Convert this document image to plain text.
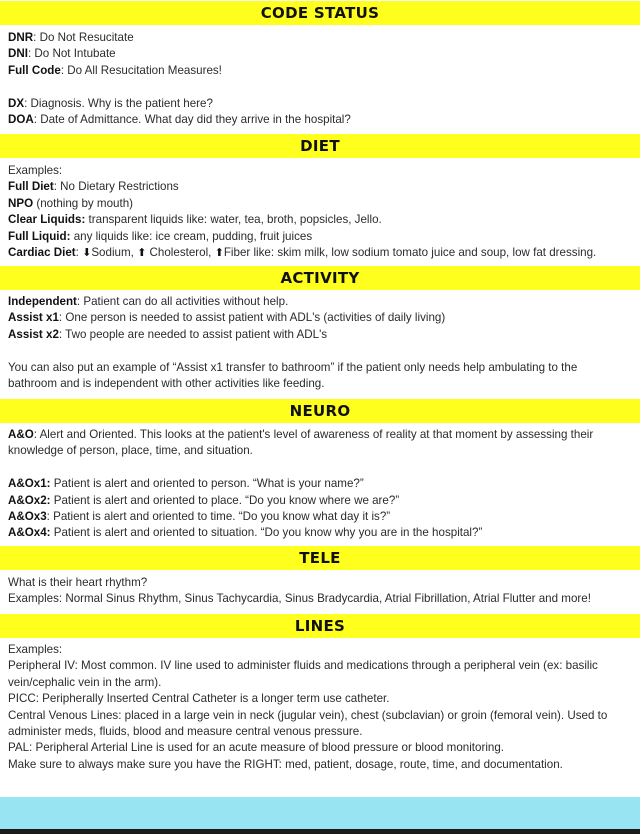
CODE STATUS
DNR: Do Not Resucitate
DNI: Do Not Intubate
Full Code: Do All Resucitation Measures!
DX: Diagnosis. Why is the patient here?
DOA: Date of Admittance. What day did they arrive in the hospital?
DIET
Examples:
Full Diet: No Dietary Restrictions
NPO (nothing by mouth)
Clear Liquids: transparent liquids like: water, tea, broth, popsicles, Jello.
Full Liquid: any liquids like: ice cream, pudding, fruit juices
Cardiac Diet: ⬇Sodium, ⬆ Cholesterol, ⬆Fiber like: skim milk, low sodium tomato juice and soup, low fat dressing.
ACTIVITY
Independent: Patient can do all activities without help.
Assist x1: One person is needed to assist patient with ADL's (activities of daily living)
Assist x2: Two people are needed to assist patient with ADL's
You can also put an example of “Assist x1 transfer to bathroom” if the patient only needs help ambulating to the bathroom and is independent with other activities like feeding.
NEURO
A&O: Alert and Oriented. This looks at the patient's level of awareness of reality at that moment by assessing their knowledge of person, place, time, and situation.
A&Ox1: Patient is alert and oriented to person. “What is your name?”
A&Ox2: Patient is alert and oriented to place. “Do you know where we are?”
A&Ox3: Patient is alert and oriented to time. “Do you know what day it is?”
A&Ox4: Patient is alert and oriented to situation. “Do you know why you are in the hospital?”
TELE
What is their heart rhythm?
Examples: Normal Sinus Rhythm, Sinus Tachycardia, Sinus Bradycardia, Atrial Fibrillation, Atrial Flutter and more!
LINES
Examples:
Peripheral IV: Most common. IV line used to administer fluids and medications through a peripheral vein (ex: basilic vein/cephalic vein in the arm).
PICC: Peripherally Inserted Central Catheter is a longer term use catheter.
Central Venous Lines: placed in a large vein in neck (jugular vein), chest (subclavian) or groin (femoral vein). Used to administer meds, fluids, blood and measure central venous pressure.
PAL: Peripheral Arterial Line is used for an acute measure of blood pressure or blood monitoring.
Make sure to always make sure you have the RIGHT: med, patient, dosage, route, time, and documentation.
